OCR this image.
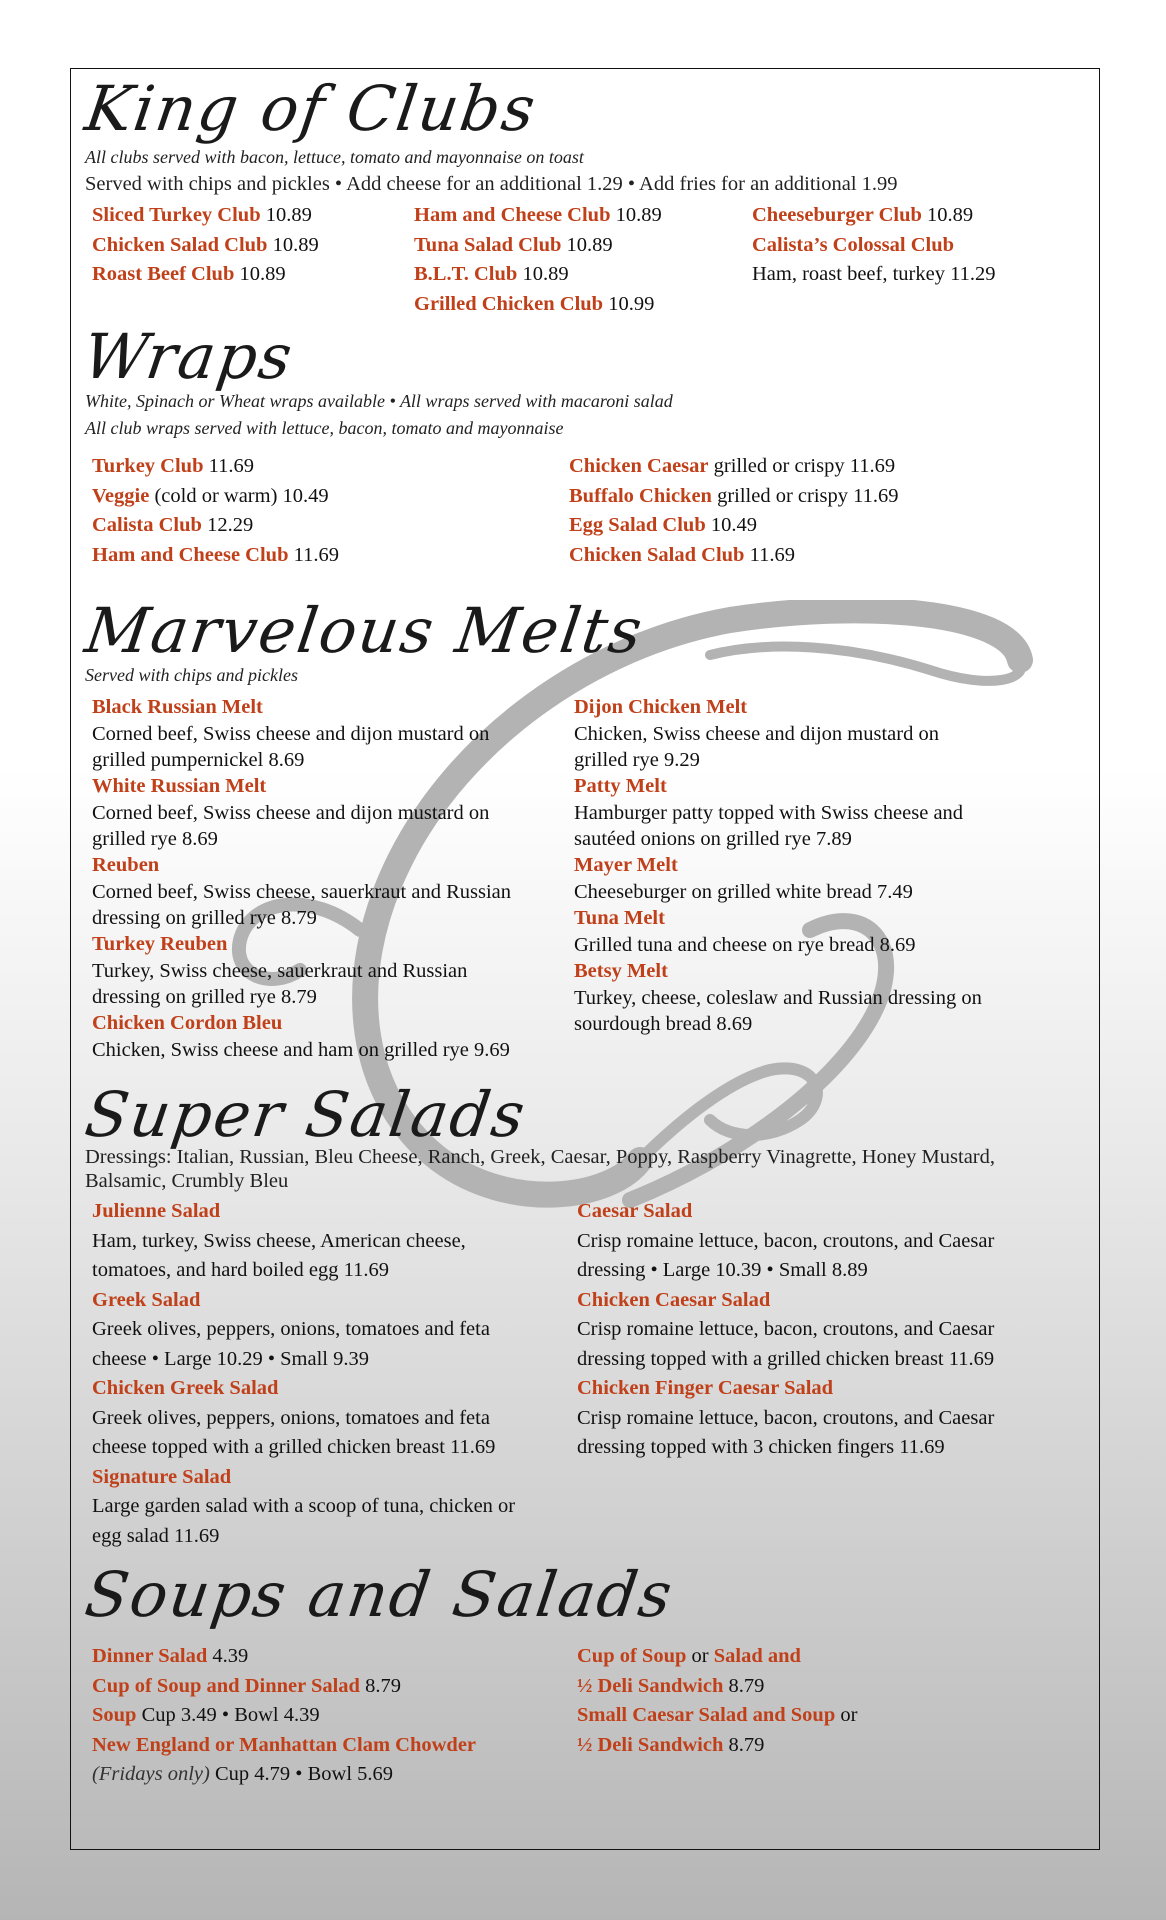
King of Clubs
All clubs served with bacon, lettuce, tomato and mayonnaise on toast
Served with chips and pickles • Add cheese for an additional 1.29 • Add fries for an additional 1.99
Sliced Turkey Club 10.89
Chicken Salad Club 10.89
Roast Beef Club 10.89
Ham and Cheese Club 10.89
Tuna Salad Club 10.89
B.L.T. Club 10.89
Grilled Chicken Club 10.99
Cheeseburger Club 10.89
Calista’s Colossal Club
Ham, roast beef, turkey 11.29
Wraps
White, Spinach or Wheat wraps available • All wraps served with macaroni salad
All club wraps served with lettuce, bacon, tomato and mayonnaise
Turkey Club 11.69
Veggie (cold or warm) 10.49
Calista Club 12.29
Ham and Cheese Club 11.69
Chicken Caesar grilled or crispy 11.69
Buffalo Chicken grilled or crispy 11.69
Egg Salad Club 10.49
Chicken Salad Club 11.69
Marvelous Melts
Served with chips and pickles
Black Russian Melt
Corned beef, Swiss cheese and dijon mustard on
grilled pumpernickel 8.69
White Russian Melt
Corned beef, Swiss cheese and dijon mustard on
grilled rye 8.69
Reuben
Corned beef, Swiss cheese, sauerkraut and Russian
dressing on grilled rye 8.79
Turkey Reuben
Turkey, Swiss cheese, sauerkraut and Russian
dressing on grilled rye 8.79
Chicken Cordon Bleu
Chicken, Swiss cheese and ham on grilled rye 9.69
Dijon Chicken Melt
Chicken, Swiss cheese and dijon mustard on
grilled rye 9.29
Patty Melt
Hamburger patty topped with Swiss cheese and
sautéed onions on grilled rye 7.89
Mayer Melt
Cheeseburger on grilled white bread 7.49
Tuna Melt
Grilled tuna and cheese on rye bread 8.69
Betsy Melt
Turkey, cheese, coleslaw and Russian dressing on
sourdough bread 8.69
Super Salads
Dressings: Italian, Russian, Bleu Cheese, Ranch, Greek, Caesar, Poppy, Raspberry Vinagrette, Honey Mustard,
Balsamic, Crumbly Bleu
Julienne Salad
Ham, turkey, Swiss cheese, American cheese,
tomatoes, and hard boiled egg 11.69
Greek Salad
Greek olives, peppers, onions, tomatoes and feta
cheese • Large 10.29 • Small 9.39
Chicken Greek Salad
Greek olives, peppers, onions, tomatoes and feta
cheese topped with a grilled chicken breast 11.69
Signature Salad
Large garden salad with a scoop of tuna, chicken or
egg salad 11.69
Caesar Salad
Crisp romaine lettuce, bacon, croutons, and Caesar
dressing • Large 10.39 • Small 8.89
Chicken Caesar Salad
Crisp romaine lettuce, bacon, croutons, and Caesar
dressing topped with a grilled chicken breast 11.69
Chicken Finger Caesar Salad
Crisp romaine lettuce, bacon, croutons, and Caesar
dressing topped with 3 chicken fingers 11.69
Soups and Salads
Dinner Salad 4.39
Cup of Soup and Dinner Salad 8.79
Soup Cup 3.49 • Bowl 4.39
New England or Manhattan Clam Chowder
(Fridays only) Cup 4.79 • Bowl 5.69
Cup of Soup or Salad and
½ Deli Sandwich 8.79
Small Caesar Salad and Soup or
½ Deli Sandwich 8.79
